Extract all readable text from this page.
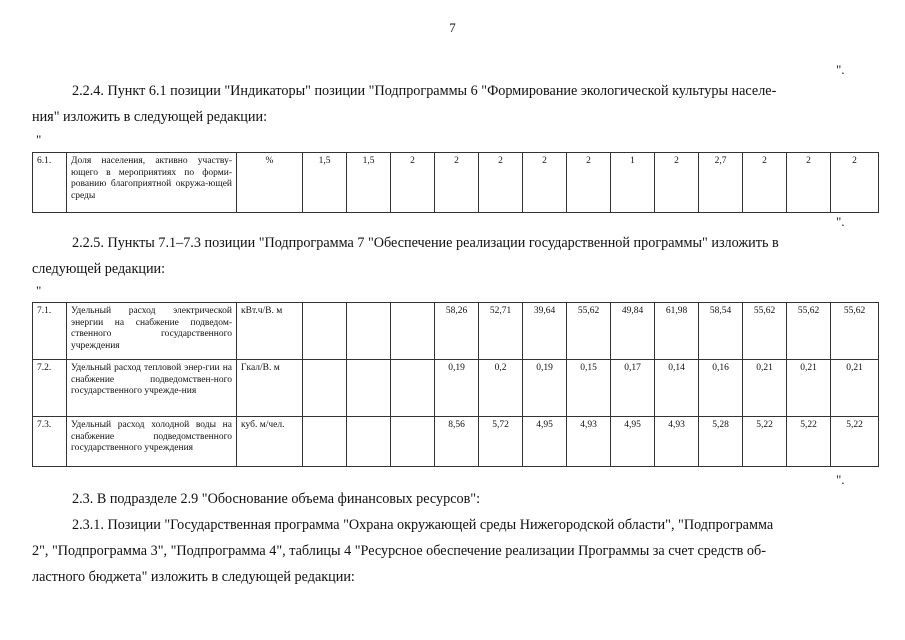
7
".
2.2.4. Пункт 6.1 позиции "Индикаторы" позиции "Подпрограммы 6 "Формирование экологической культуры населе-
ния" изложить в следующей редакции:
"
6.1.	Доля населения, активно участву-ющего в мероприятиях по форми-рованию благоприятной окружа-ющей среды	%	1,5	1,5	2	2	2	2	2	1	2	2,7	2	2	2
".
2.2.5. Пункты 7.1–7.3 позиции "Подпрограмма 7 "Обеспечение реализации государственной программы" изложить в
следующей редакции:
"
7.1.	Удельный расход электрической энергии на снабжение подведом-ственного государственного учреждения	кВт.ч/В. м				58,26	52,71	39,64	55,62	49,84	61,98	58,54	55,62	55,62	55,62
7.2.	Удельный расход тепловой энер-гии на снабжение подведомствен-ного государственного учрежде-ния	Гкал/В. м				0,19	0,2	0,19	0,15	0,17	0,14	0,16	0,21	0,21	0,21
7.3.	Удельный расход холодной воды на снабжение подведомственного государственного учреждения	куб. м/чел.				8,56	5,72	4,95	4,93	4,95	4,93	5,28	5,22	5,22	5,22
".
2.3. В подразделе 2.9 "Обоснование объема финансовых ресурсов":
2.3.1. Позиции "Государственная программа "Охрана окружающей среды Нижегородской области", "Подпрограмма
2", "Подпрограмма 3", "Подпрограмма 4", таблицы 4 "Ресурсное обеспечение реализации Программы за счет средств об-
ластного бюджета" изложить в следующей редакции:
